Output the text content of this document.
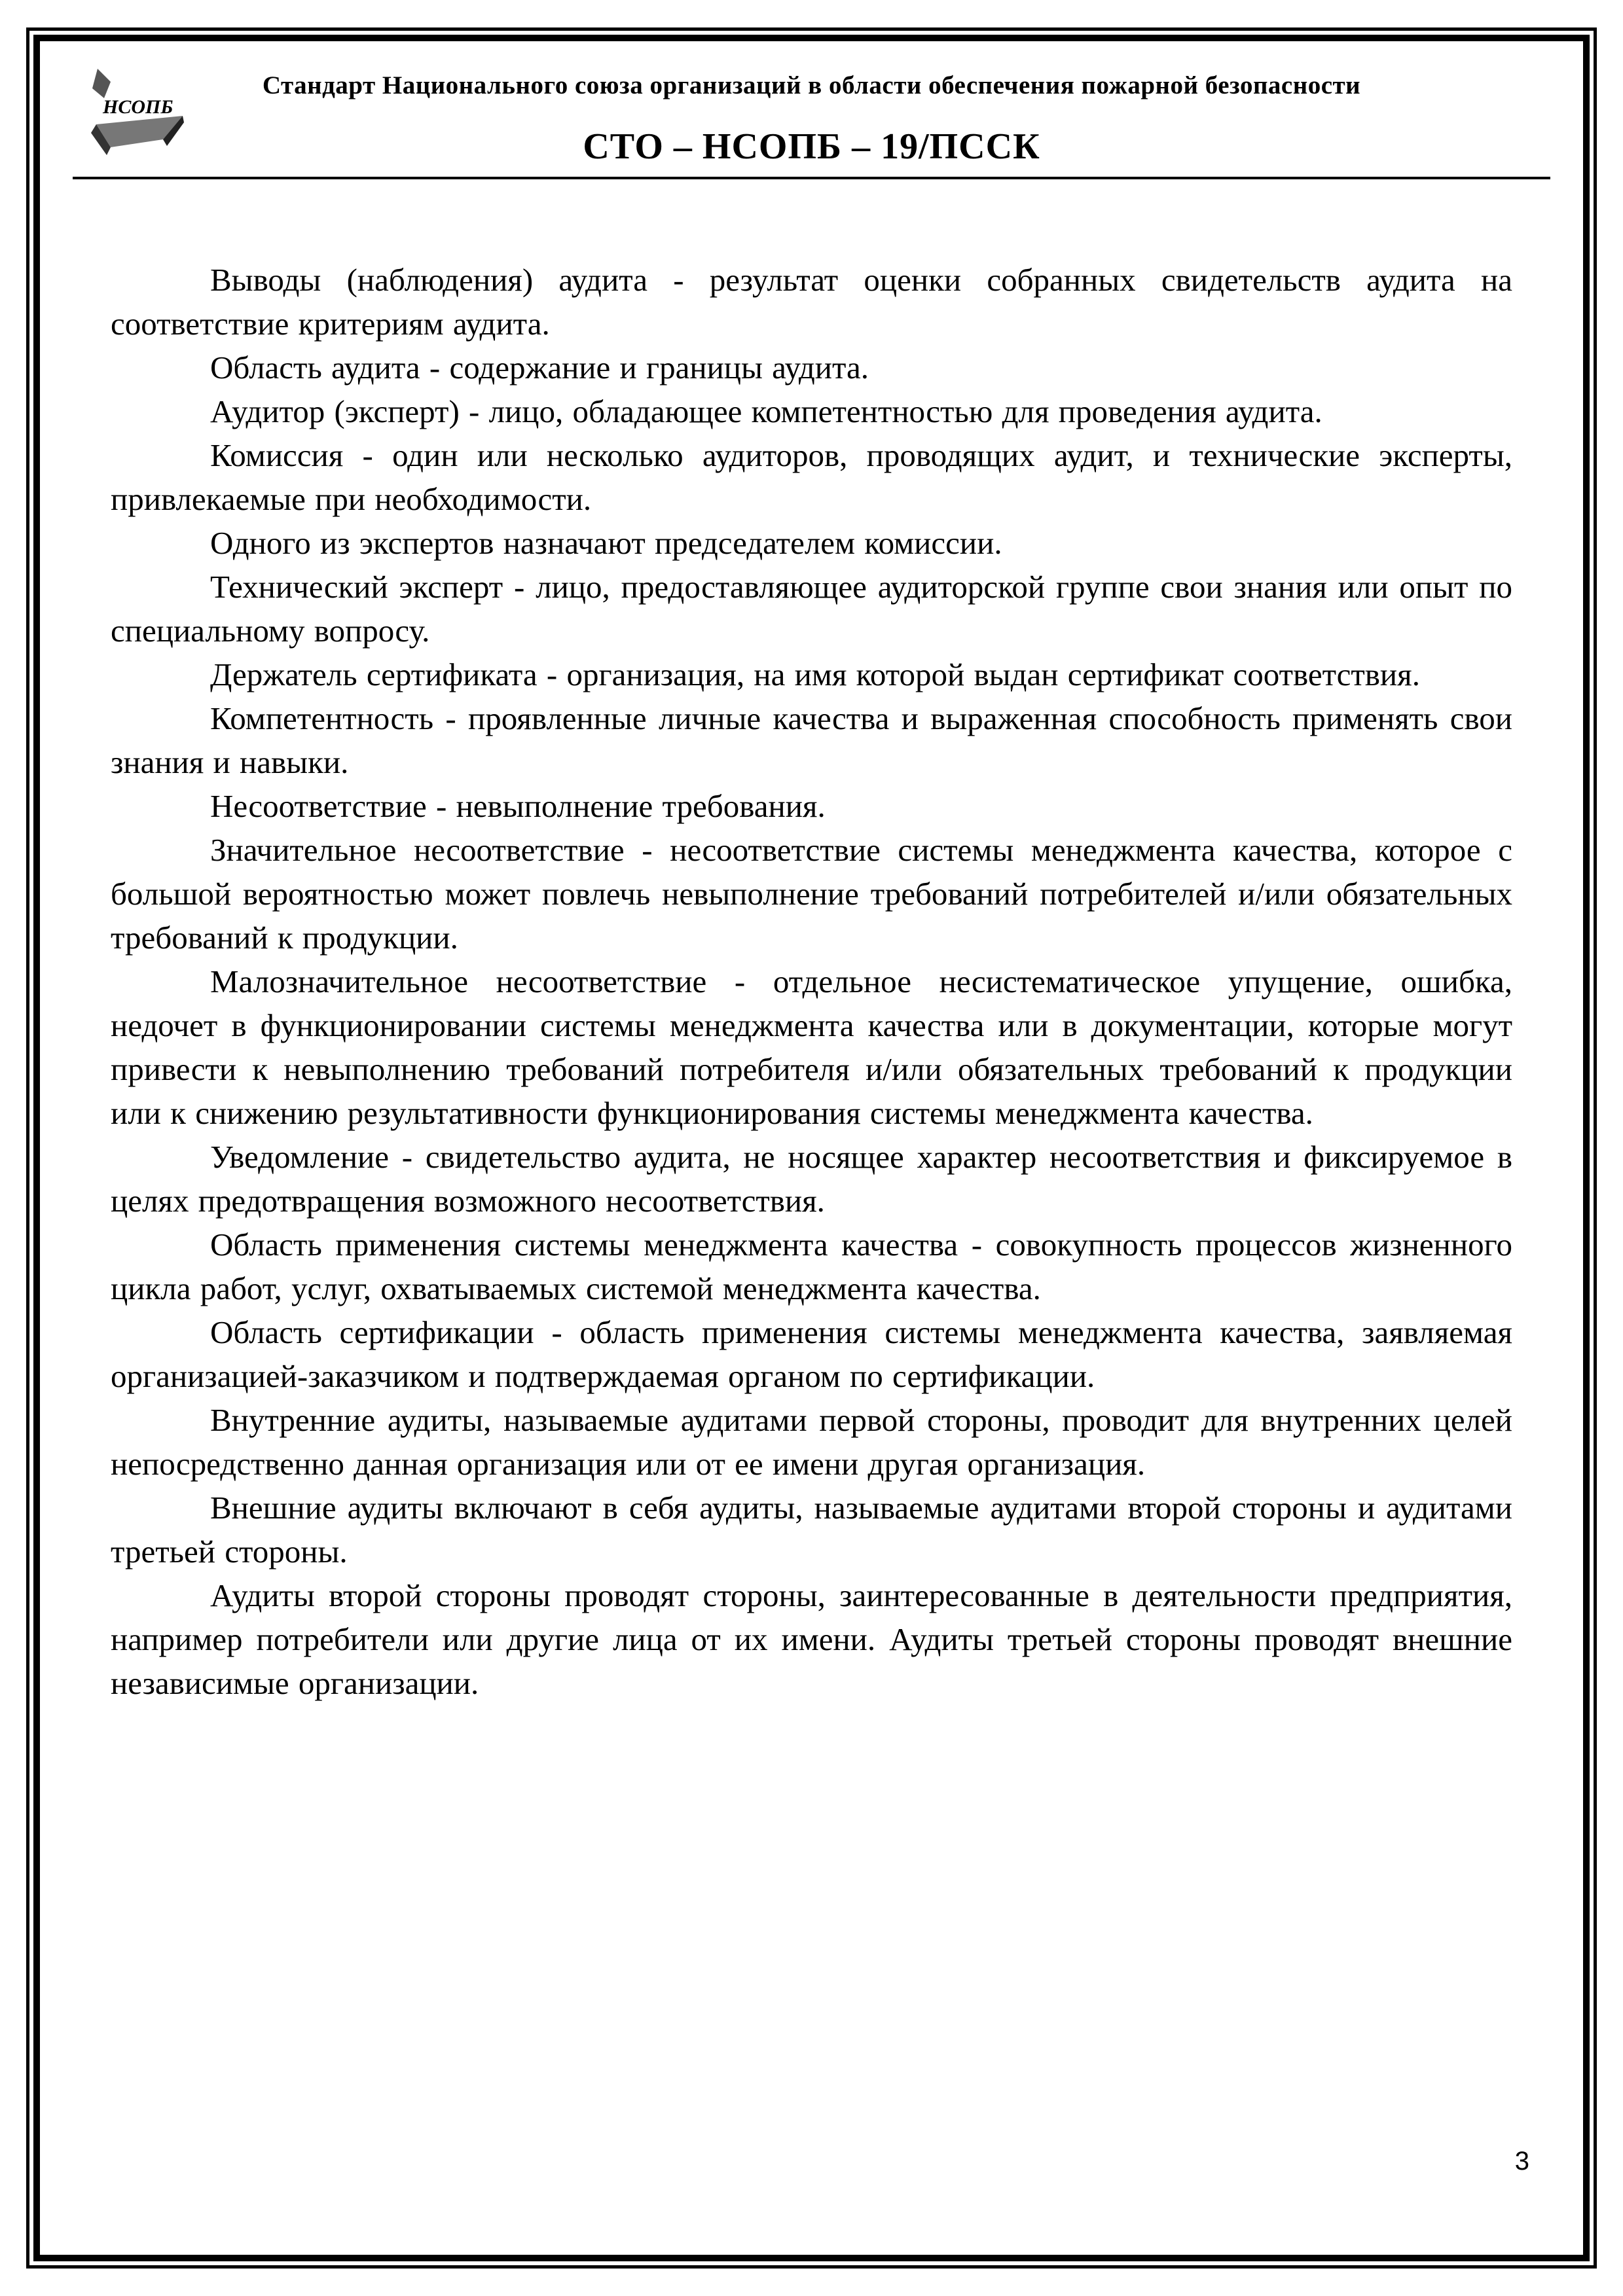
НСОПБ
Стандарт Национального союза организаций в области обеспечения пожарной безопасности
СТО – НСОПБ – 19/ПССК

Выводы (наблюдения) аудита - результат оценки собранных свидетельств аудита на соответствие критериям аудита.

Область аудита - содержание и границы аудита.

Аудитор (эксперт) - лицо, обладающее компетентностью для проведения аудита.

Комиссия - один или несколько аудиторов, проводящих аудит, и технические эксперты, привлекаемые при необходимости.

Одного из экспертов назначают председателем комиссии.

Технический эксперт - лицо, предоставляющее аудиторской группе свои знания или опыт по специальному вопросу.

Держатель сертификата - организация, на имя которой выдан сертификат соответствия.

Компетентность - проявленные личные качества и выраженная способность применять свои знания и навыки.

Несоответствие - невыполнение требования.

Значительное несоответствие - несоответствие системы менеджмента качества, которое с большой вероятностью может повлечь невыполнение требований потребителей и/или обязательных требований к продукции.

Малозначительное несоответствие - отдельное несистематическое упущение, ошибка, недочет в функционировании системы менеджмента качества или в документации, которые могут привести к невыполнению требований потребителя и/или обязательных требований к продукции или к снижению результативности функционирования системы менеджмента качества.

Уведомление - свидетельство аудита, не носящее характер несоответствия и фиксируемое в целях предотвращения возможного несоответствия.

Область применения системы менеджмента качества - совокупность процессов жизненного цикла работ, услуг, охватываемых системой менеджмента качества.

Область сертификации - область применения системы менеджмента качества, заявляемая организацией-заказчиком и подтверждаемая органом по сертификации.

Внутренние аудиты, называемые аудитами первой стороны, проводит для внутренних целей непосредственно данная организация или от ее имени другая организация.

Внешние аудиты включают в себя аудиты, называемые аудитами второй стороны и аудитами третьей стороны.

Аудиты второй стороны проводят стороны, заинтересованные в деятельности предприятия, например потребители или другие лица от их имени. Аудиты третьей стороны проводят внешние независимые организации.

3
